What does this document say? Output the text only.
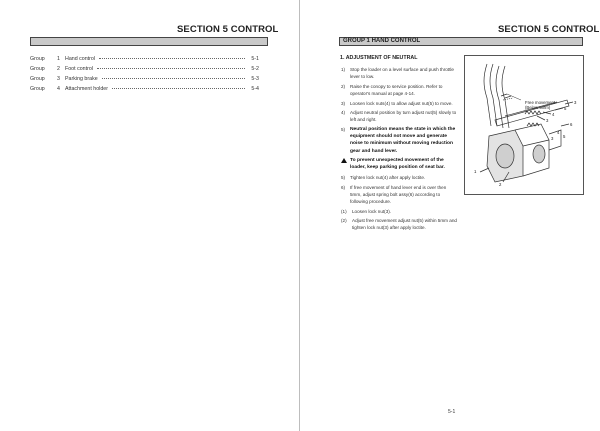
SECTION 5 CONTROL
Group	1 Hand control	5-1
Group	2 Foot control	5-2
Group	3 Parking brake	5-3
Group	4 Attachment holder	5-4
SECTION 5 CONTROL
GROUP 1 HAND CONTROL
1. ADJUSTMENT OF NEUTRAL
1)	Stop the loader on a level surface and push throttle lever to low.
2)	Raise the conopy to service position. Refer to operator's manual at page 4-14.
3)	Loosen lock nuts(4) to allow adjust nut(5) to move.
4)	Adjust neutral position by turn adjust nut(5) slowly to left and right.
5)	Neutral position means the state in which the equipment should not move and generate noise to minimum without moving reduction gear and hand lever.
To prevent unexpected movement of the loader, keep parking position of seat bar.
5)	Tighten lock nut(4) after apply loctite.
6)	If free movement of hand lever end is over then 5mm, adjust spring bolt assy(6) according to following procedure.
(1)	Loosen lock nut(3).
(2)	Adjust free movement adjust nut(5) within 5mm and tighten lock nut(3) after apply loctite.
Free movement
(Below 5mm)
1
2
3
4
5
6
3
4
5
3
5-1
